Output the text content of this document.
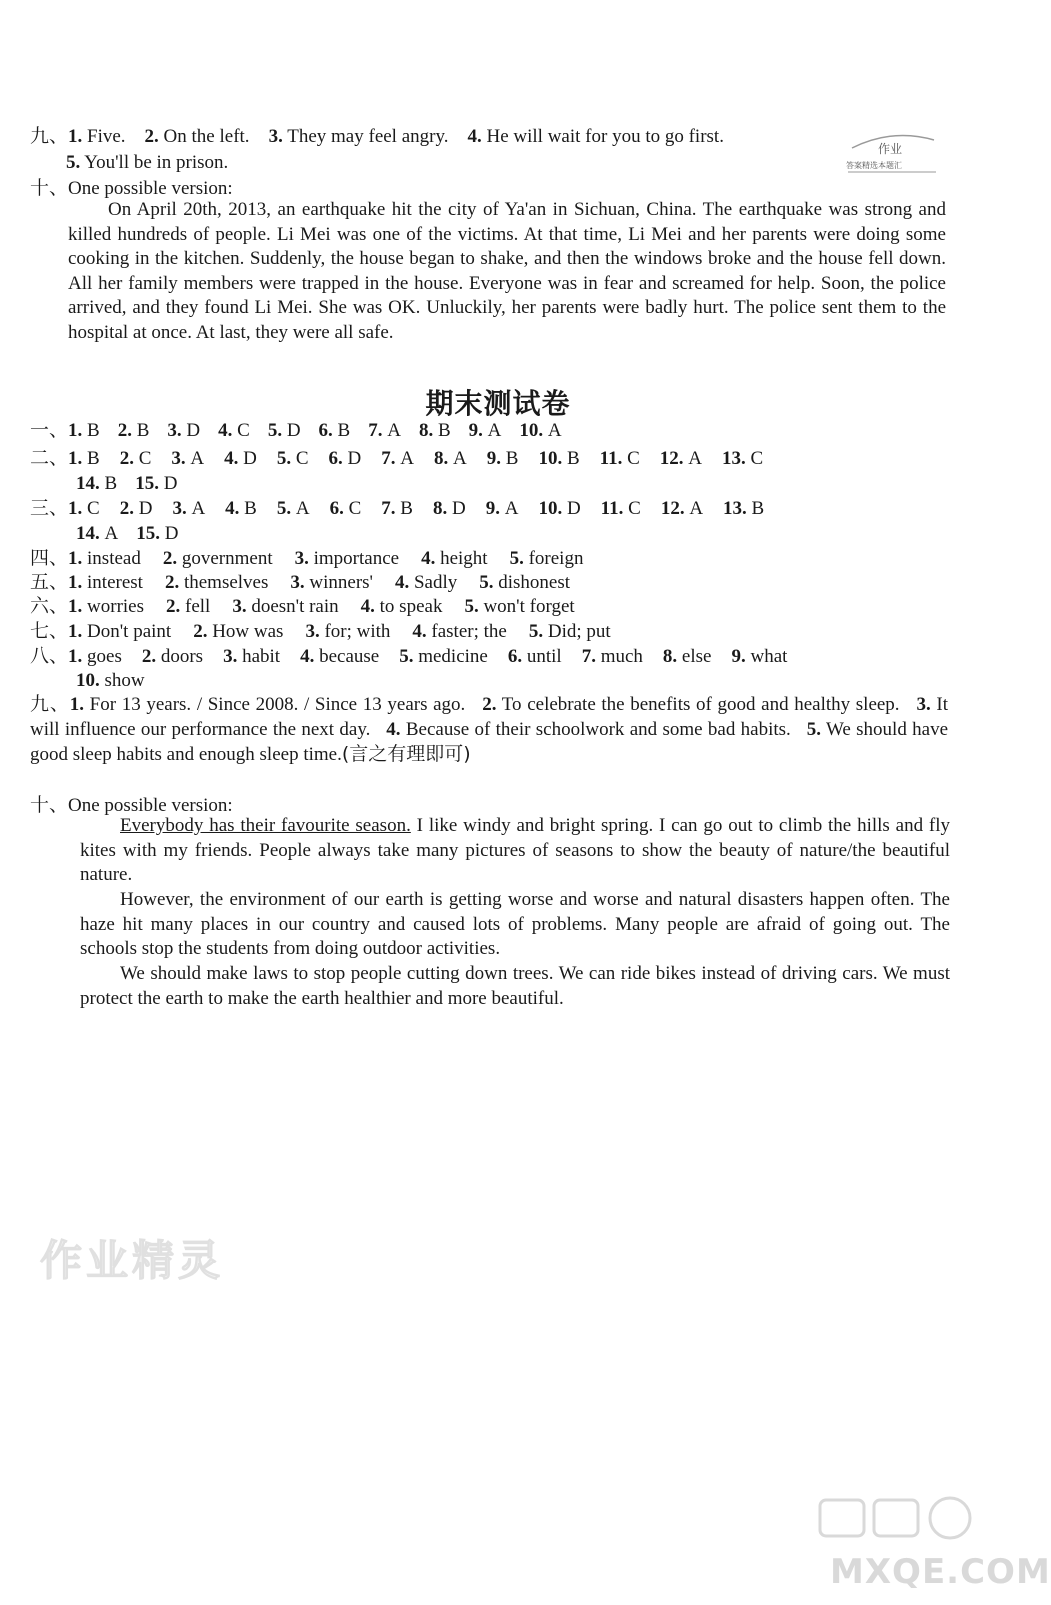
九、1. Five. 2. On the left. 3. They may feel angry. 4. He will wait for you to go first.
5. You'll be in prison.
十、One possible version:
On April 20th, 2013, an earthquake hit the city of Ya'an in Sichuan, China. The earthquake was strong and killed hundreds of people. Li Mei was one of the victims. At that time, Li Mei and her parents were doing some cooking in the kitchen. Suddenly, the house began to shake, and then the windows broke and the house fell down. All her family members were trapped in the house. Everyone was in fear and screamed for help. Soon, the police arrived, and they found Li Mei. She was OK. Unluckily, her parents were badly hurt. The police sent them to the hospital at once. At last, they were all safe.
期末测试卷
一、1. B 2. B 3. D 4. C 5. D 6. B 7. A 8. B 9. A 10. A
二、1. B 2. C 3. A 4. D 5. C 6. D 7. A 8. A 9. B 10. B 11. C 12. A 13. C
14. B 15. D
三、1. C 2. D 3. A 4. B 5. A 6. C 7. B 8. D 9. A 10. D 11. C 12. A 13. B
14. A 15. D
四、1. instead 2. government 3. importance 4. height 5. foreign
五、1. interest 2. themselves 3. winners' 4. Sadly 5. dishonest
六、1. worries 2. fell 3. doesn't rain 4. to speak 5. won't forget
七、1. Don't paint 2. How was 3. for; with 4. faster; the 5. Did; put
八、1. goes 2. doors 3. habit 4. because 5. medicine 6. until 7. much 8. else 9. what
10. show
九、1. For 13 years. / Since 2008. / Since 13 years ago. 2. To celebrate the benefits of good and healthy sleep. 3. It will influence our performance the next day. 4. Because of their schoolwork and some bad habits. 5. We should have good sleep habits and enough sleep time.(言之有理即可)
十、One possible version:
Everybody has their favourite season. I like windy and bright spring. I can go out to climb the hills and fly kites with my friends. People always take many pictures of seasons to show the beauty of nature/the beautiful nature.
However, the environment of our earth is getting worse and worse and natural disasters happen often. The haze hit many places in our country and caused lots of problems. Many people are afraid of going out. The schools stop the students from doing outdoor activities.
We should make laws to stop people cutting down trees. We can ride bikes instead of driving cars. We must protect the earth to make the earth healthier and more beautiful.
作业
答案精选本题汇
作业精灵
MXQE.COM
